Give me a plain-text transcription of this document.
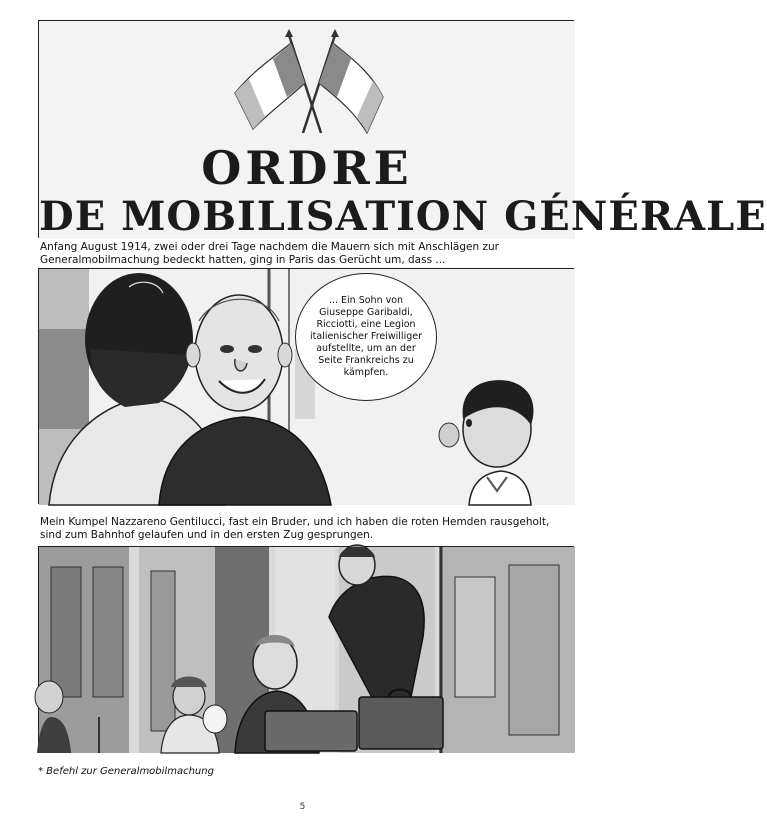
ORDRE

DE MOBILISATION GÉNÉRALE

Anfang August 1914, zwei oder drei Tage nachdem die Mauern sich mit Anschlägen zur Generalmobilmachung bedeckt hatten, ging in Paris das Gerücht um, dass ...

... Ein Sohn von Giuseppe Garibaldi, Ricciotti, eine Legion italienischer Freiwilliger aufstellte, um an der Seite Frankreichs zu kämpfen.

Mein Kumpel Nazzareno Gentilucci, fast ein Bruder, und ich haben die roten Hemden rausgeholt, sind zum Bahnhof gelaufen und in den ersten Zug gesprungen.

* Befehl zur Generalmobilmachung

5
